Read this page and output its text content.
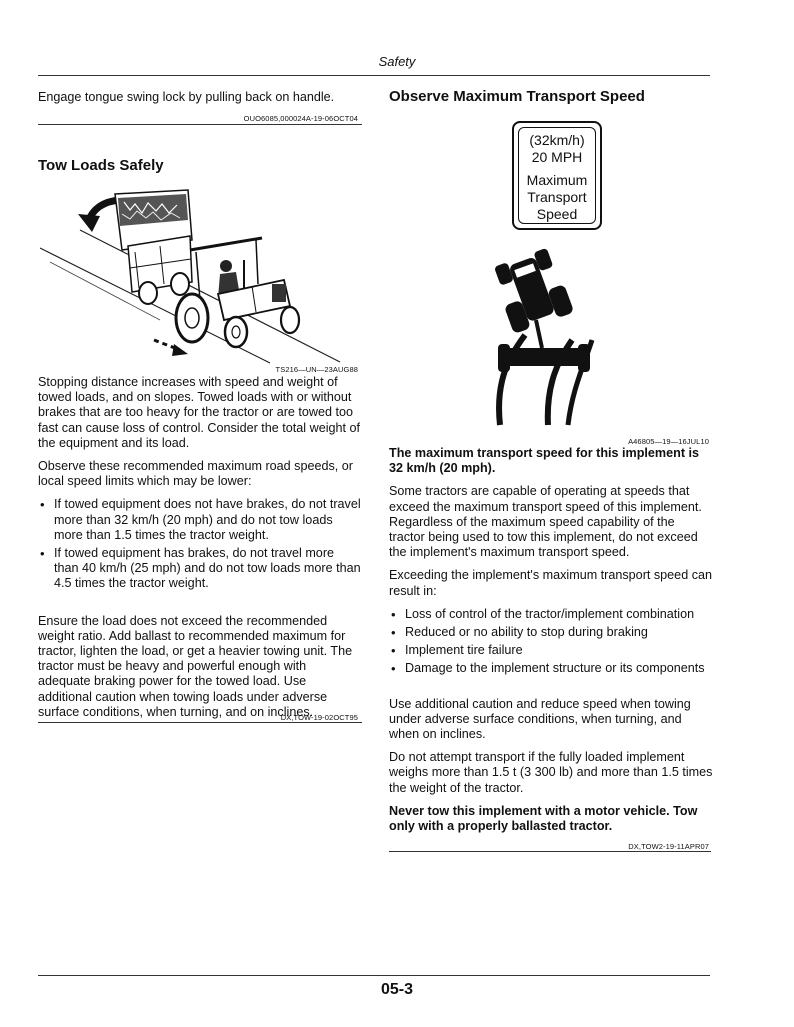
Safety

Engage tongue swing lock by pulling back on handle.

OUO6085,000024A-19-06OCT04
Tow Loads Safely
TS216—UN—23AUG88

Stopping distance increases with speed and weight of towed loads, and on slopes. Towed loads with or without brakes that are too heavy for the tractor or are towed too fast can cause loss of control. Consider the total weight of the equipment and its load.

Observe these recommended maximum road speeds, or local speed limits which may be lower:

• If towed equipment does not have brakes, do not travel more than 32 km/h (20 mph) and do not tow loads more than 1.5 times the tractor weight.
• If towed equipment has brakes, do not travel more than 40 km/h (25 mph) and do not tow loads more than 4.5 times the tractor weight.

Ensure the load does not exceed the recommended weight ratio. Add ballast to recommended maximum for tractor, lighten the load, or get a heavier towing unit. The tractor must be heavy and powerful enough with adequate braking power for the towed load. Use additional caution when towing loads under adverse surface conditions, when turning, and on inclines.

DX,TOW-19-02OCT95
Observe Maximum Transport Speed
(32km/h)
20 MPH
Maximum
Transport
Speed
A46805—19—16JUL10

The maximum transport speed for this implement is 32 km/h (20 mph).

Some tractors are capable of operating at speeds that exceed the maximum transport speed of this implement. Regardless of the maximum speed capability of the tractor being used to tow this implement, do not exceed the implement's maximum transport speed.

Exceeding the implement's maximum transport speed can result in:

• Loss of control of the tractor/implement combination
• Reduced or no ability to stop during braking
• Implement tire failure
• Damage to the implement structure or its components

Use additional caution and reduce speed when towing under adverse surface conditions, when turning, and when on inclines.

Do not attempt transport if the fully loaded implement weighs more than 1.5 t (3 300 lb) and more than 1.5 times the weight of the tractor.

Never tow this implement with a motor vehicle. Tow only with a properly ballasted tractor.

DX,TOW2-19-11APR07
05-3
